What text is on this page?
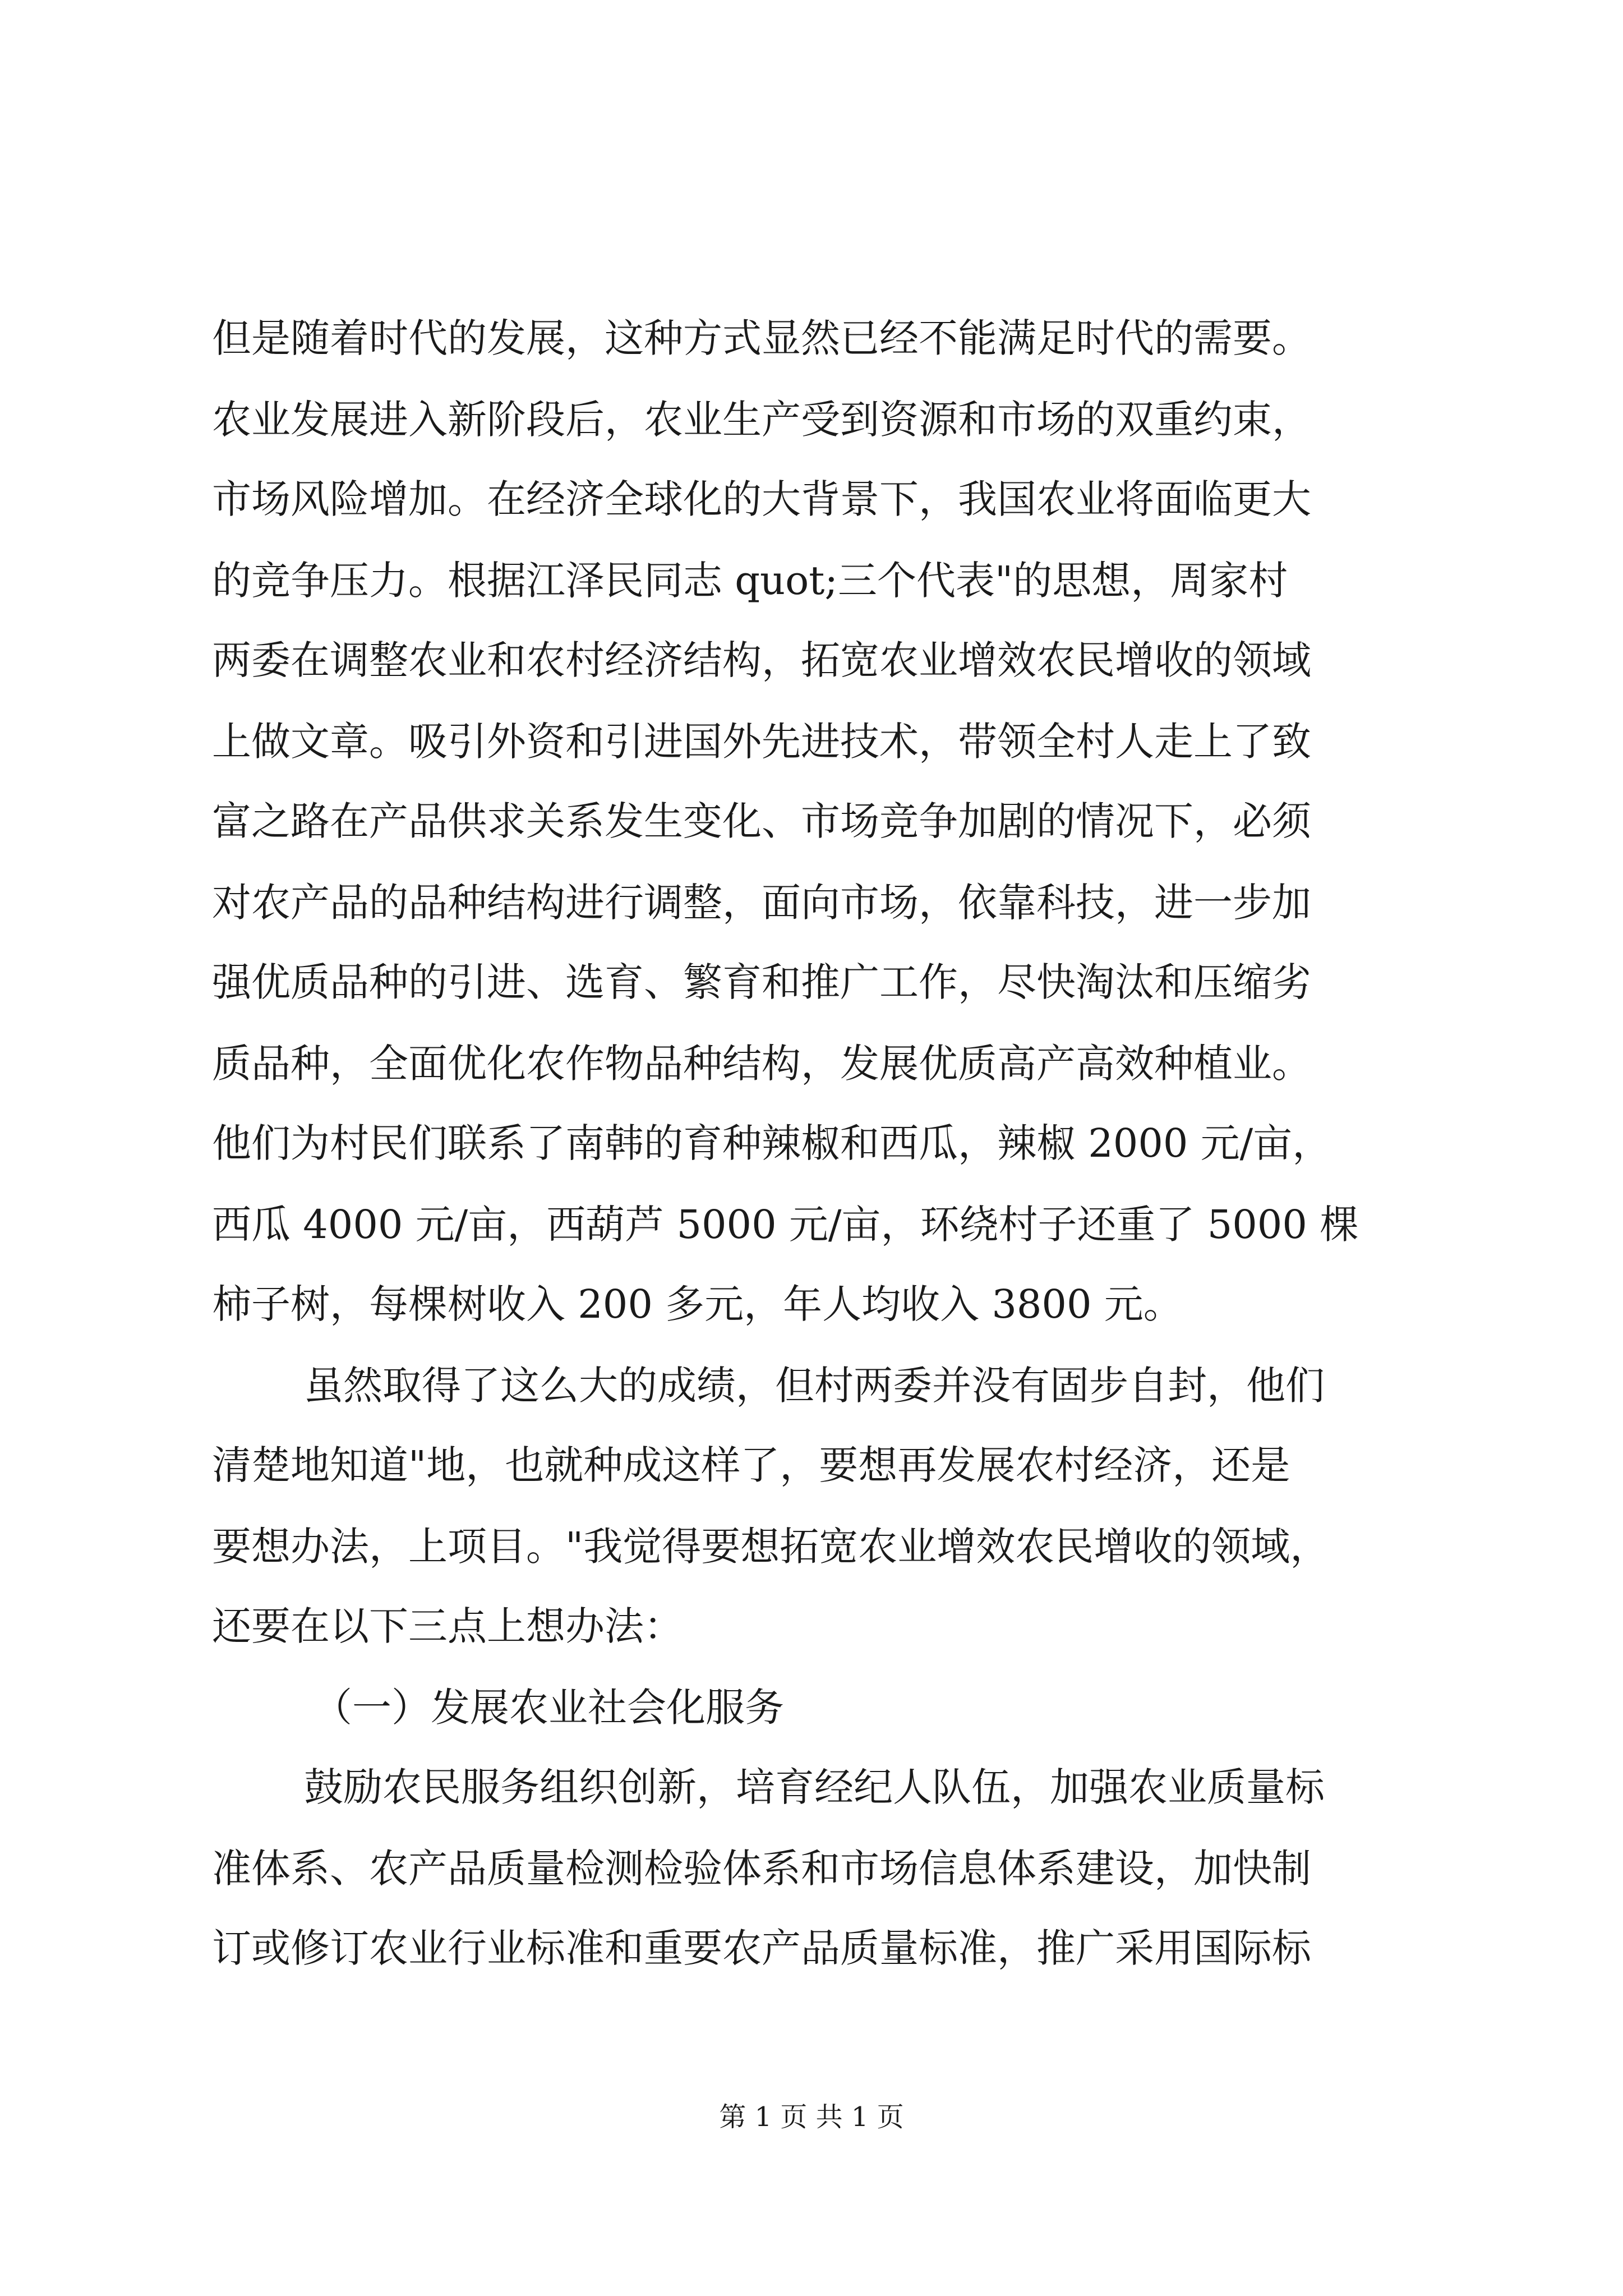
但是随着时代的发展，这种方式显然已经不能满足时代的需要。
农业发展进入新阶段后，农业生产受到资源和市场的双重约束，
市场风险增加。在经济全球化的大背景下，我国农业将面临更大
的竞争压力。根据江泽民同志 quot;三个代表"的思想，周家村
两委在调整农业和农村经济结构，拓宽农业增效农民增收的领域
上做文章。吸引外资和引进国外先进技术，带领全村人走上了致
富之路在产品供求关系发生变化、市场竞争加剧的情况下，必须
对农产品的品种结构进行调整，面向市场，依靠科技，进一步加
强优质品种的引进、选育、繁育和推广工作，尽快淘汰和压缩劣
质品种，全面优化农作物品种结构，发展优质高产高效种植业。
他们为村民们联系了南韩的育种辣椒和西瓜，辣椒 2000 元/亩，
西瓜 4000 元/亩，西葫芦 5000 元/亩，环绕村子还重了 5000 棵
柿子树，每棵树收入 200 多元，年人均收入 3800 元。
虽然取得了这么大的成绩，但村两委并没有固步自封，他们
清楚地知道"地，也就种成这样了，要想再发展农村经济，还是
要想办法，上项目。"我觉得要想拓宽农业增效农民增收的领域，
还要在以下三点上想办法：
（一）发展农业社会化服务
鼓励农民服务组织创新，培育经纪人队伍，加强农业质量标
准体系、农产品质量检测检验体系和市场信息体系建设，加快制
订或修订农业行业标准和重要农产品质量标准，推广采用国际标
第 1 页 共 1 页
